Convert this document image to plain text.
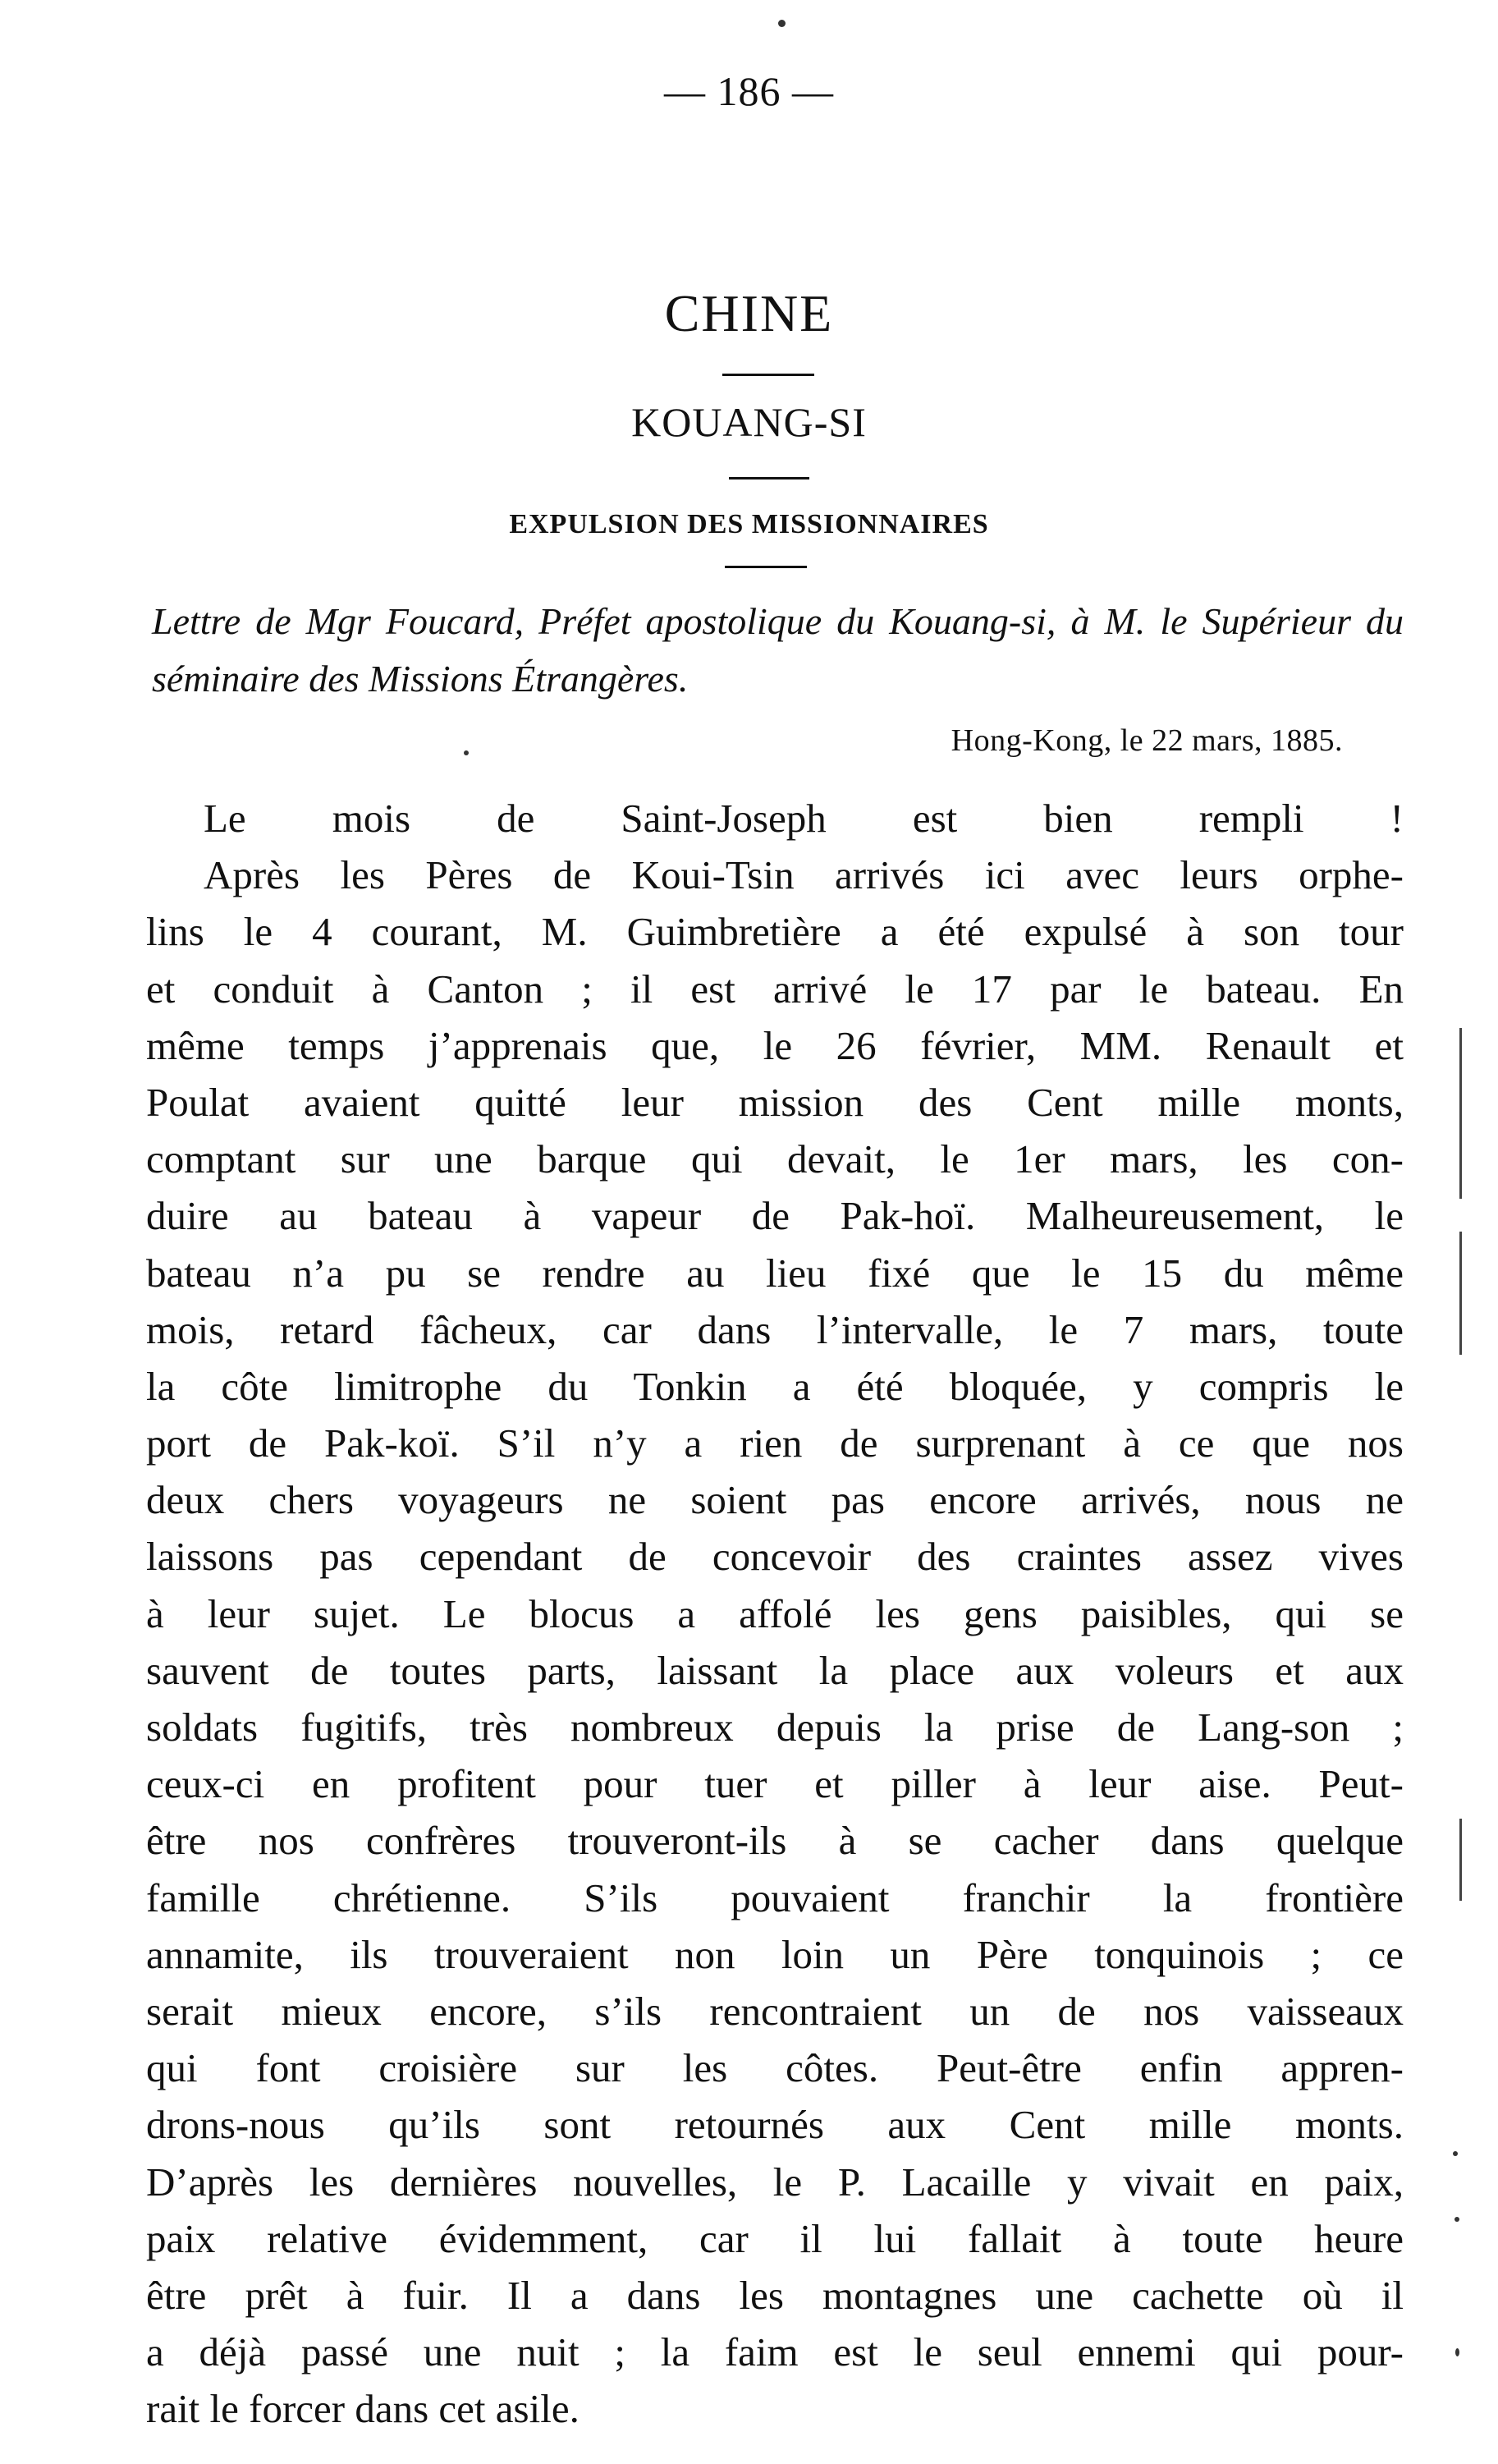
— 186 —
CHINE
KOUANG-SI
EXPULSION DES MISSIONNAIRES
Lettre de Mgr Foucard, Préfet apostolique du Kouang-si, à M. le Supérieur du séminaire des Missions Étrangères.
Hong-Kong, le 22 mars, 1885.
Le mois de Saint-Joseph est bien rempli !
Après les Pères de Koui-Tsin arrivés ici avec leurs orphe-
lins le 4 courant, M. Guimbretière a été expulsé à son tour
et conduit à Canton ; il est arrivé le 17 par le bateau. En
même temps j’apprenais que, le 26 février, MM. Renault et
Poulat avaient quitté leur mission des Cent mille monts,
comptant sur une barque qui devait, le 1er mars, les con-
duire au bateau à vapeur de Pak-hoï. Malheureusement, le
bateau n’a pu se rendre au lieu fixé que le 15 du même
mois, retard fâcheux, car dans l’intervalle, le 7 mars, toute
la côte limitrophe du Tonkin a été bloquée, y compris le
port de Pak-koï. S’il n’y a rien de surprenant à ce que nos
deux chers voyageurs ne soient pas encore arrivés, nous ne
laissons pas cependant de concevoir des craintes assez vives
à leur sujet. Le blocus a affolé les gens paisibles, qui se
sauvent de toutes parts, laissant la place aux voleurs et aux
soldats fugitifs, très nombreux depuis la prise de Lang-son ;
ceux-ci en profitent pour tuer et piller à leur aise. Peut-
être nos confrères trouveront-ils à se cacher dans quelque
famille chrétienne. S’ils pouvaient franchir la frontière
annamite, ils trouveraient non loin un Père tonquinois ; ce
serait mieux encore, s’ils rencontraient un de nos vaisseaux
qui font croisière sur les côtes. Peut-être enfin appren-
drons-nous qu’ils sont retournés aux Cent mille monts.
D’après les dernières nouvelles, le P. Lacaille y vivait en paix,
paix relative évidemment, car il lui fallait à toute heure
être prêt à fuir. Il a dans les montagnes une cachette où il
a déjà passé une nuit ; la faim est le seul ennemi qui pour-
rait le forcer dans cet asile.
